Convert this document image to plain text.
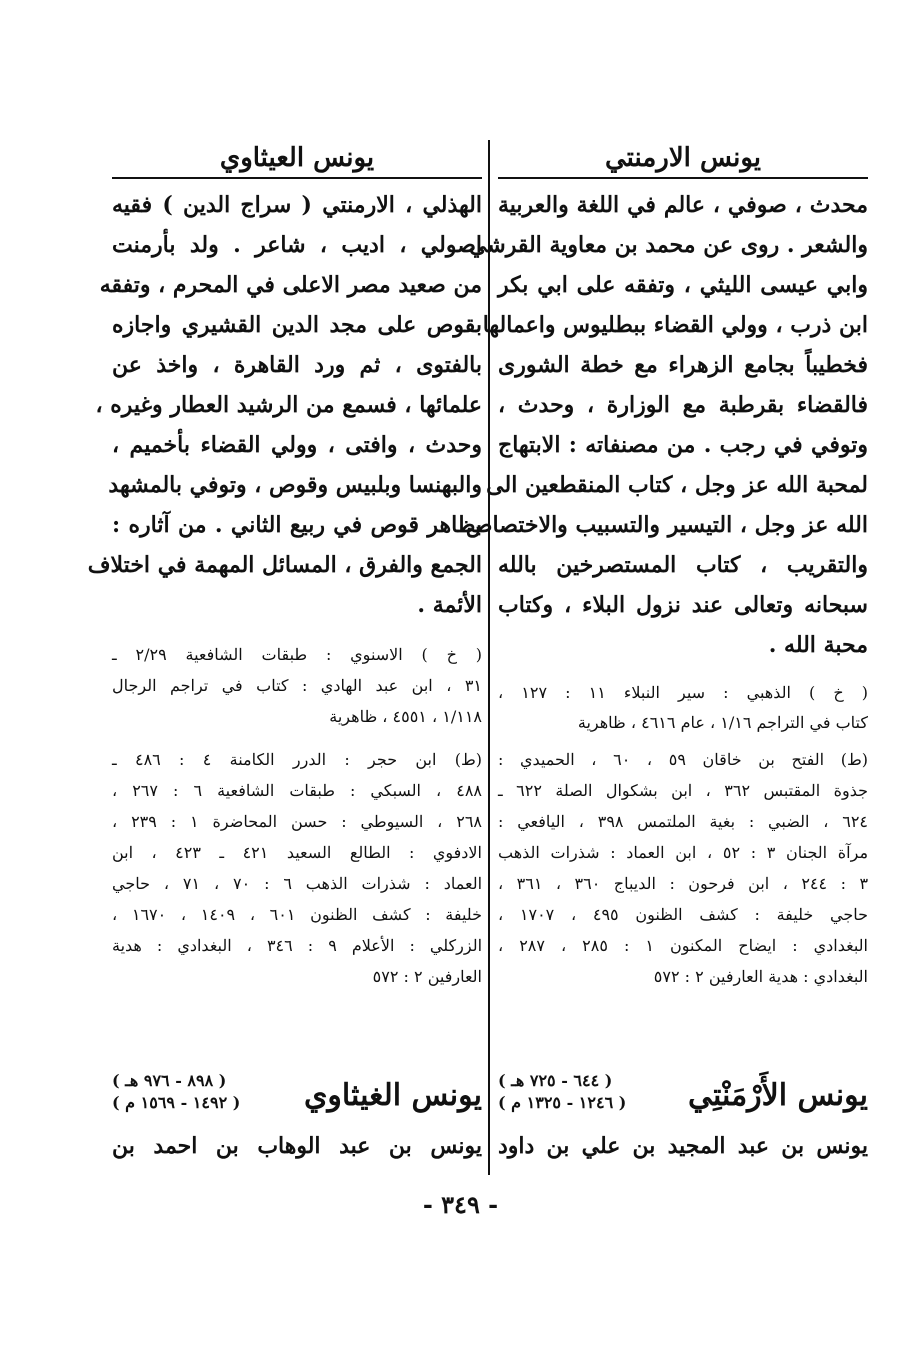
يونس الارمنتي
محدث ، صوفي ، عالم في اللغة والعربية
والشعر . روى عن محمد بن معاوية القرشي
وابي عيسى الليثي ، وتفقه على ابي بكر
ابن ذرب ، وولي القضاء ببطليوس واعمالها
فخطيباً بجامع الزهراء مع خطة الشورى
فالقضاء بقرطبة مع الوزارة ، وحدث ،
وتوفي في رجب . من مصنفاته : الابتهاج
لمحبة الله عز وجل ، كتاب المنقطعين الى
الله عز وجل ، التيسير والتسبيب والاختصاص
والتقريب ، كتاب المستصرخين بالله
سبحانه وتعالى عند نزول البلاء ، وكتاب
محبة الله .
( خ ) الذهبي : سير النبلاء ١١ : ١٢٧ ،
كتاب في التراجم ١/١٦ ، عام ٤٦١٦ ، ظاهرية
(ط) الفتح بن خاقان ٥٩ ، ٦٠ ، الحميدي :
جذوة المقتبس ٣٦٢ ، ابن بشكوال الصلة ٦٢٢ ـ
٦٢٤ ، الضبي : بغية الملتمس ٣٩٨ ، اليافعي :
مرآة الجنان ٣ : ٥٢ ، ابن العماد : شذرات الذهب
٣ : ٢٤٤ ، ابن فرحون : الديباج ٣٦٠ ، ٣٦١ ،
حاجي خليفة : كشف الظنون ٤٩٥ ، ١٧٠٧ ،
البغدادي : ايضاح المكنون ١ : ٢٨٥ ، ٢٨٧ ،
البغدادي : هدية العارفين ٢ : ٥٧٢
يونس الأَرْمَنْتِي
( ٦٤٤ - ٧٢٥ هـ )
( ١٢٤٦ - ١٣٢٥ م )
يونس بن عبد المجيد بن علي بن داود
يونس العيثاوي
الهذلي ، الارمنتي ( سراج الدين ) فقيه
اصولي ، اديب ، شاعر . ولد بأرمنت
من صعيد مصر الاعلى في المحرم ، وتفقه
بقوص على مجد الدين القشيري واجازه
بالفتوى ، ثم ورد القاهرة ، واخذ عن
علمائها ، فسمع من الرشيد العطار وغيره ،
وحدث ، وافتى ، وولي القضاء بأخميم ،
والبهنسا وبلبيس وقوص ، وتوفي بالمشهد
بظاهر قوص في ربيع الثاني . من آثاره :
الجمع والفرق ، المسائل المهمة في اختلاف
الأئمة .
( خ ) الاسنوي : طبقات الشافعية ٢/٢٩ ـ
٣١ ، ابن عبد الهادي : كتاب في تراجم الرجال
١/١١٨ ، ٤٥٥١ ، ظاهرية
(ط) ابن حجر : الدرر الكامنة ٤ : ٤٨٦ ـ
٤٨٨ ، السبكي : طبقات الشافعية ٦ : ٢٦٧ ،
٢٦٨ ، السيوطي : حسن المحاضرة ١ : ٢٣٩ ،
الادفوي : الطالع السعيد ٤٢١ ـ ٤٢٣ ، ابن
العماد : شذرات الذهب ٦ : ٧٠ ، ٧١ ، حاجي
خليفة : كشف الظنون ٦٠١ ، ١٤٠٩ ، ١٦٧٠ ،
الزركلي : الأعلام ٩ : ٣٤٦ ، البغدادي : هدية
العارفين ٢ : ٥٧٢
يونس الغيثاوي
( ٨٩٨ - ٩٧٦ هـ )
( ١٤٩٢ - ١٥٦٩ م )
يونس بن عبد الوهاب بن احمد بن
- ٣٤٩ -
